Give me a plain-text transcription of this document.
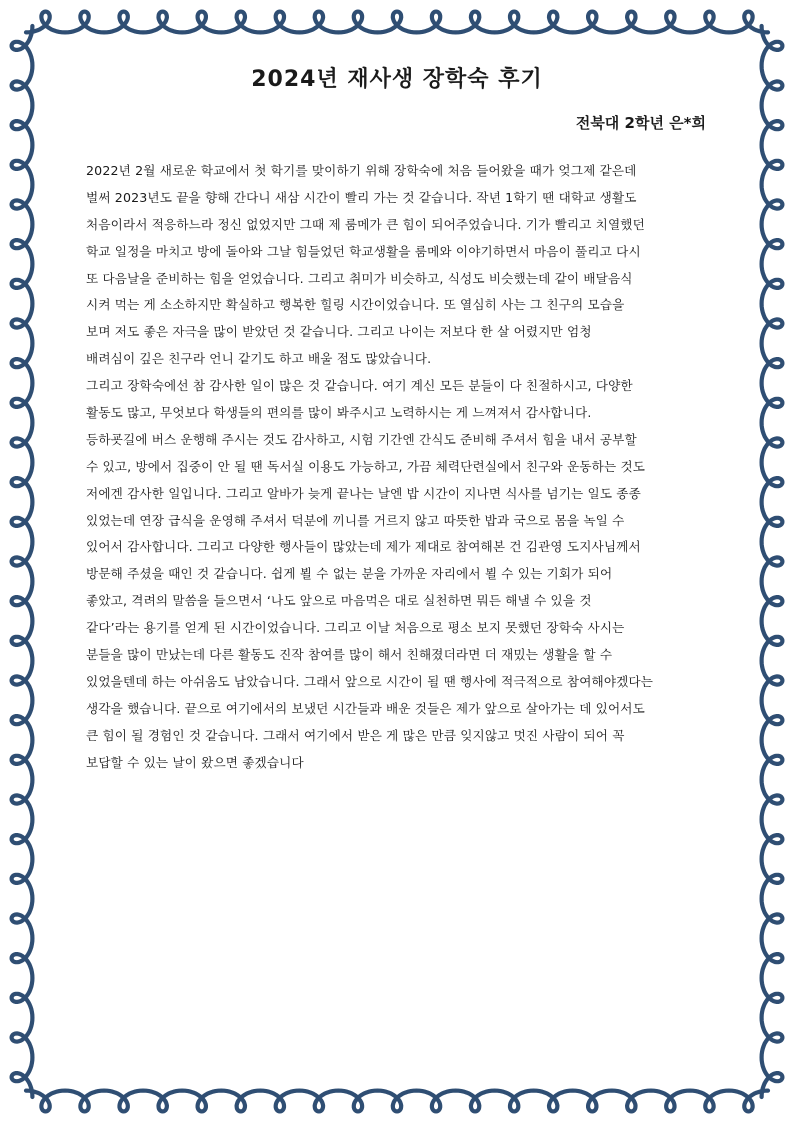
2024년 재사생 장학숙 후기

전북대 2학년 은*희

2022년 2월 새로운 학교에서 첫 학기를 맞이하기 위해 장학숙에 처음 들어왔을 때가 엊그제 같은데
벌써 2023년도 끝을 향해 간다니 새삼 시간이 빨리 가는 것 같습니다. 작년 1학기 땐 대학교 생활도
처음이라서 적응하느라 정신 없었지만 그때 제 룸메가 큰 힘이 되어주었습니다. 기가 빨리고 치열했던
학교 일정을 마치고 방에 돌아와 그날 힘들었던 학교생활을 룸메와 이야기하면서 마음이 풀리고 다시
또 다음날을 준비하는 힘을 얻었습니다. 그리고 취미가 비슷하고, 식성도 비슷했는데 같이 배달음식
시켜 먹는 게 소소하지만 확실하고 행복한 힐링 시간이었습니다. 또 열심히 사는 그 친구의 모습을
보며 저도 좋은 자극을 많이 받았던 것 같습니다. 그리고 나이는 저보다 한 살 어렸지만 엄청
배려심이 깊은 친구라 언니 같기도 하고 배울 점도 많았습니다.
그리고 장학숙에선 참 감사한 일이 많은 것 같습니다. 여기 계신 모든 분들이 다 친절하시고, 다양한
활동도 많고, 무엇보다 학생들의 편의를 많이 봐주시고 노력하시는 게 느껴져서 감사합니다.
등하굣길에 버스 운행해 주시는 것도 감사하고, 시험 기간엔 간식도 준비해 주셔서 힘을 내서 공부할
수 있고, 방에서 집중이 안 될 땐 독서실 이용도 가능하고, 가끔 체력단련실에서 친구와 운동하는 것도
저에겐 감사한 일입니다. 그리고 알바가 늦게 끝나는 날엔 밥 시간이 지나면 식사를 넘기는 일도 종종
있었는데 연장 급식을 운영해 주셔서 덕분에 끼니를 거르지 않고 따뜻한 밥과 국으로 몸을 녹일 수
있어서 감사합니다. 그리고 다양한 행사들이 많았는데 제가 제대로 참여해본 건 김관영 도지사님께서
방문해 주셨을 때인 것 같습니다. 쉽게 뵐 수 없는 분을 가까운 자리에서 뵐 수 있는 기회가 되어
좋았고, 격려의 말씀을 들으면서 ‘나도 앞으로 마음먹은 대로 실천하면 뭐든 해낼 수 있을 것
같다’라는 용기를 얻게 된 시간이었습니다. 그리고 이날 처음으로 평소 보지 못했던 장학숙 사시는
분들을 많이 만났는데 다른 활동도 진작 참여를 많이 해서 친해졌더라면 더 재밌는 생활을 할 수
있었을텐데 하는 아쉬움도 남았습니다. 그래서 앞으로 시간이 될 땐 행사에 적극적으로 참여해야겠다는
생각을 했습니다. 끝으로 여기에서의 보냈던 시간들과 배운 것들은 제가 앞으로 살아가는 데 있어서도
큰 힘이 될 경험인 것 같습니다. 그래서 여기에서 받은 게 많은 만큼 잊지않고 멋진 사람이 되어 꼭
보답할 수 있는 날이 왔으면 좋겠습니다
